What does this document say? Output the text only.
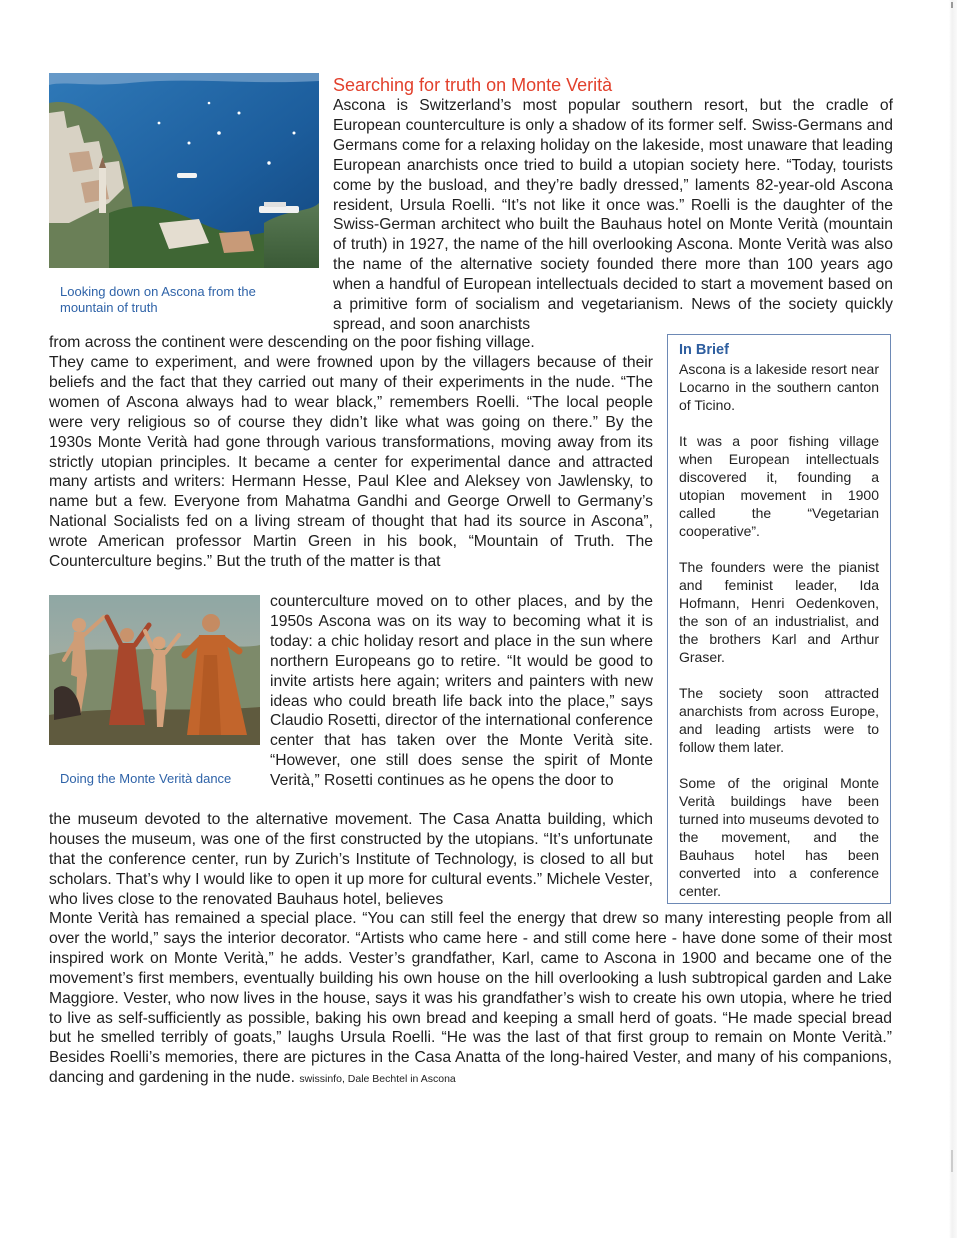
Looking down on Ascona from the mountain of truth
Searching for truth on Monte Verità

Ascona is Switzerland’s most popular southern resort, but the cradle of European counterculture is only a shadow of its former self. Swiss-Germans and Germans come for a relaxing holiday on the lakeside, most unaware that leading European anarchists once tried to build a utopian society here. “Today, tourists come by the busload, and they’re badly dressed,” laments 82-year-old Ascona resident, Ursula Roelli. “It’s not like it once was.” Roelli is the daughter of the Swiss-German architect who built the Bauhaus hotel on Monte Verità (mountain of truth) in 1927, the name of the hill overlooking Ascona. Monte Verità was also the name of the alternative society founded there more than 100 years ago when a handful of European intellectuals decided to start a movement based on a primitive form of socialism and vegetarianism. News of the society quickly spread, and soon anarchists

from across the continent were descending on the poor fishing village.

They came to experiment, and were frowned upon by the villagers because of their beliefs and the fact that they carried out many of their experiments in the nude. “The women of Ascona always had to wear black,” remembers Roelli. “The local people were very religious so of course they didn’t like what was going on there.” By the 1930s Monte Verità had gone through various transformations, moving away from its strictly utopian principles. It became a center for experimental dance and attracted many artists and writers: Hermann Hesse, Paul Klee and Aleksey von Jawlensky, to name but a few. Everyone from Mahatma Gandhi and George Orwell to Germany’s National Socialists fed on a living stream of thought that had its source in Ascona”, wrote American professor Martin Green in his book, “Mountain of Truth. The Counterculture begins.” But the truth of the matter is that

Doing the Monte Verità dance

counterculture moved on to other places, and by the 1950s Ascona was on its way to becoming what it is today: a chic holiday resort and place in the sun where northern Europeans go to retire. “It would be good to invite artists here again; writers and painters with new ideas who could breath life back into the place,” says Claudio Rosetti, director of the international conference center that has taken over the Monte Verità site. “However, one still does sense the spirit of Monte Verità,” Rosetti continues as he opens the door to

the museum devoted to the alternative movement. The Casa Anatta building, which houses the museum, was one of the first constructed by the utopians. “It’s unfortunate that the conference center, run by Zurich’s Institute of Technology, is closed to all but scholars. That’s why I would like to open it up more for cultural events.” Michele Vester, who lives close to the renovated Bauhaus hotel, believes

Monte Verità has remained a special place. “You can still feel the energy that drew so many interesting people from all over the world,” says the interior decorator. “Artists who came here - and still come here - have done some of their most inspired work on Monte Verità,” he adds. Vester’s grandfather, Karl, came to Ascona in 1900 and became one of the movement’s first members, eventually building his own house on the hill overlooking a lush subtropical garden and Lake Maggiore. Vester, who now lives in the house, says it was his grandfather’s wish to create his own utopia, where he tried to live as self-sufficiently as possible, baking his own bread and keeping a small herd of goats. “He made special bread but he smelled terribly of goats,” laughs Ursula Roelli. “He was the last of that first group to remain on Monte Verità.” Besides Roelli’s memories, there are pictures in the Casa Anatta of the long-haired Vester, and many of his companions, dancing and gardening in the nude. swissinfo, Dale Bechtel in Ascona

In Brief

Ascona is a lakeside resort near Locarno in the southern canton of Ticino.

It was a poor fishing village when European intellectuals discovered it, founding a utopian movement in 1900 called the “Vegetarian cooperative”.

The founders were the pianist and feminist leader, Ida Hofmann, Henri Oedenkoven, the son of an industrialist, and the brothers Karl and Arthur Graser.

The society soon attracted anarchists from across Europe, and leading artists were to follow them later.

Some of the original Monte Verità buildings have been turned into museums devoted to the movement, and the Bauhaus hotel has been converted into a conference center.
